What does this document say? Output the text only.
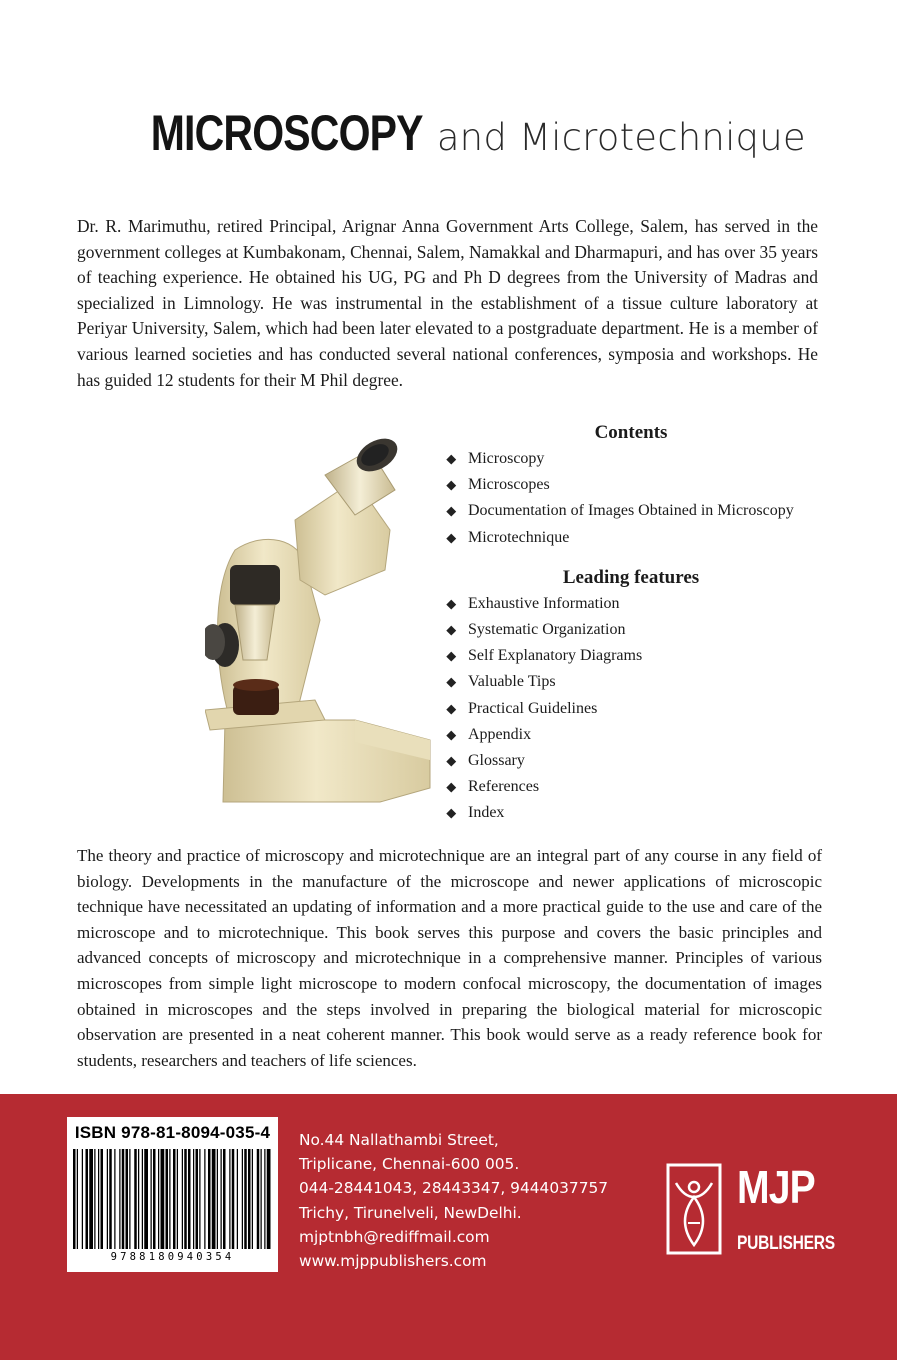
MICROSCOPY and Microtechnique

Dr. R. Marimuthu, retired Principal, Arignar Anna Government Arts College, Salem, has served in the government colleges at Kumbakonam, Chennai, Salem, Namakkal and Dharmapuri, and has over 35 years of teaching experience. He obtained his UG, PG and Ph D degrees from the University of Madras and specialized in Limnology. He was instrumental in the establishment of a tissue culture laboratory at Periyar University, Salem, which had been later elevated to a postgraduate department. He is a member of various learned societies and has conducted several national conferences, symposia and workshops. He has guided 12 students for their M Phil degree.

Contents
Microscopy
Microscopes
Documentation of Images Obtained in Microscopy
Microtechnique
Leading features
Exhaustive Information
Systematic Organization
Self Explanatory Diagrams
Valuable Tips
Practical Guidelines
Appendix
Glossary
References
Index

The theory and practice of microscopy and microtechnique are an integral part of any course in any field of biology. Developments in the manufacture of the microscope and newer applications of microscopic technique have necessitated an updating of information and a more practical guide to the use and care of the microscope and to microtechnique. This book serves this purpose and covers the basic principles and advanced concepts of microscopy and microtechnique in a comprehensive manner. Principles of various microscopes from simple light microscope to modern confocal microscopy, the documentation of images obtained in microscopes and the steps involved in preparing the biological material for microscopic observation are presented in a neat coherent manner. This book would serve as a ready reference book for students, researchers and teachers of life sciences.

ISBN 978-81-8094-035-4
9788180940354
No.44 Nallathambi Street,
Triplicane, Chennai-600 005.
044-28441043, 28443347, 9444037757
Trichy, Tirunelveli, NewDelhi.
mjptnbh@rediffmail.com
www.mjppublishers.com
MJP
PUBLISHERS
